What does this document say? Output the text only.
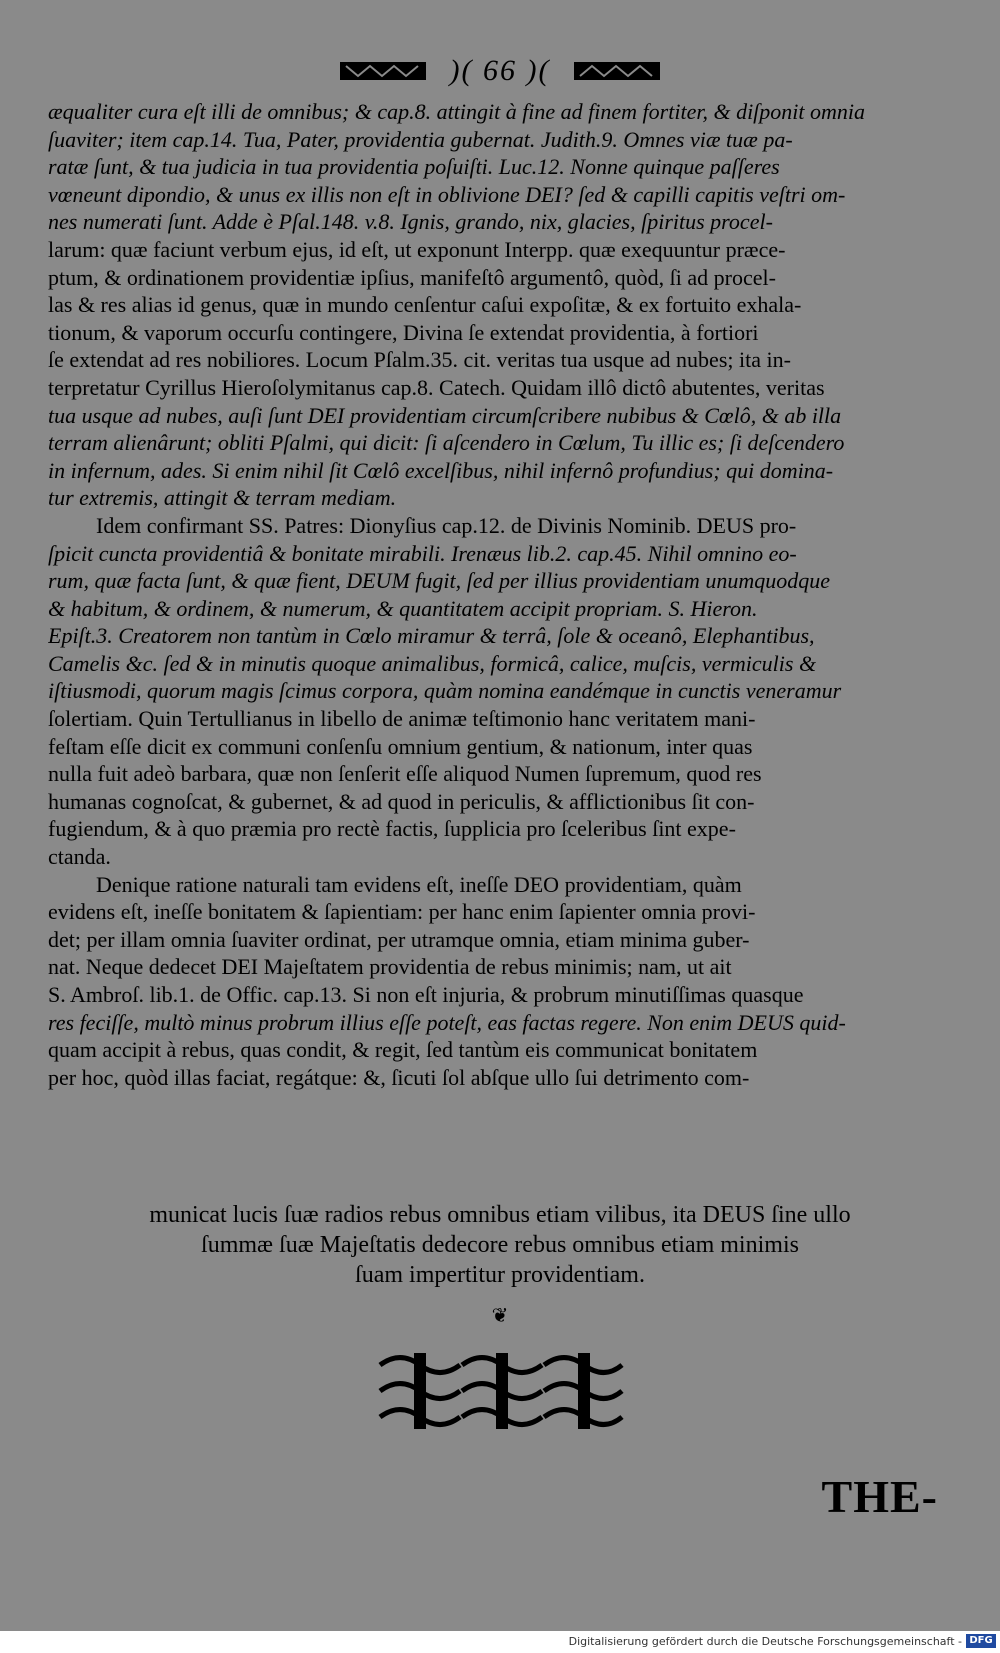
)( 66 )(
æqualiter cura eſt illi de omnibus; & cap.8. attingit à fine ad finem fortiter, & diſponit omnia
ſuaviter; item cap.14. Tua, Pater, providentia gubernat. Judith.9. Omnes viæ tuæ pa-
ratæ ſunt, & tua judicia in tua providentia poſuiſti. Luc.12. Nonne quinque paſſeres
vœneunt dipondio, & unus ex illis non eſt in oblivione DEI? ſed & capilli capitis veſtri om-
nes numerati ſunt. Adde è Pſal.148. v.8. Ignis, grando, nix, glacies, ſpiritus procel-
larum: quæ faciunt verbum ejus, id eſt, ut exponunt Interpp. quæ exequuntur præce-
ptum, & ordinationem providentiæ ipſius, manifeſtô argumentô, quòd, ſi ad procel-
las & res alias id genus, quæ in mundo cenſentur caſui expoſitæ, & ex fortuito exhala-
tionum, & vaporum occurſu contingere, Divina ſe extendat providentia, à fortiori
ſe extendat ad res nobiliores. Locum Pſalm.35. cit. veritas tua usque ad nubes; ita in-
terpretatur Cyrillus Hieroſolymitanus cap.8. Catech. Quidam illô dictô abutentes, veritas
tua usque ad nubes, auſi ſunt DEI providentiam circumſcribere nubibus & Cœlô, & ab illa
terram alienârunt; obliti Pſalmi, qui dicit: ſi aſcendero in Cœlum, Tu illic es; ſi deſcendero
in infernum, ades. Si enim nihil ſit Cœlô excelſibus, nihil infernô profundius; qui domina-
tur extremis, attingit & terram mediam.
Idem confirmant SS. Patres: Dionyſius cap.12. de Divinis Nominib. DEUS pro-
ſpicit cuncta providentiâ & bonitate mirabili. Irenæus lib.2. cap.45. Nihil omnino eo-
rum, quæ facta ſunt, & quæ fient, DEUM fugit, ſed per illius providentiam unumquodque
& habitum, & ordinem, & numerum, & quantitatem accipit propriam. S. Hieron.
Epiſt.3. Creatorem non tantùm in Cœlo miramur & terrâ, ſole & oceanô, Elephantibus,
Camelis &c. ſed & in minutis quoque animalibus, formicâ, calice, muſcis, vermiculis &
iſtiusmodi, quorum magis ſcimus corpora, quàm nomina eandémque in cunctis veneramur
ſolertiam. Quin Tertullianus in libello de animæ teſtimonio hanc veritatem mani-
feſtam eſſe dicit ex communi conſenſu omnium gentium, & nationum, inter quas
nulla fuit adeò barbara, quæ non ſenſerit eſſe aliquod Numen ſupremum, quod res
humanas cognoſcat, & gubernet, & ad quod in periculis, & afflictionibus ſit con-
fugiendum, & à quo præmia pro rectè factis, ſupplicia pro ſceleribus ſint expe-
ctanda.
Denique ratione naturali tam evidens eſt, ineſſe DEO providentiam, quàm
evidens eſt, ineſſe bonitatem & ſapientiam: per hanc enim ſapienter omnia provi-
det; per illam omnia ſuaviter ordinat, per utramque omnia, etiam minima guber-
nat. Neque dedecet DEI Majeſtatem providentia de rebus minimis; nam, ut ait
S. Ambroſ. lib.1. de Offic. cap.13. Si non eſt injuria, & probrum minutiſſimas quasque
res feciſſe, multò minus probrum illius eſſe poteſt, eas factas regere. Non enim DEUS quid-
quam accipit à rebus, quas condit, & regit, ſed tantùm eis communicat bonitatem
per hoc, quòd illas faciat, regátque: &, ſicuti ſol abſque ullo ſui detrimento com-
municat lucis ſuæ radios rebus omnibus etiam vilibus, ita DEUS ſine ullo
ſummæ ſuæ Majeſtatis dedecore rebus omnibus etiam minimis
ſuam impertitur providentiam.
❦
THE-
Digitalisierung gefördert durch die Deutsche Forschungsgemeinschaft - DFG
